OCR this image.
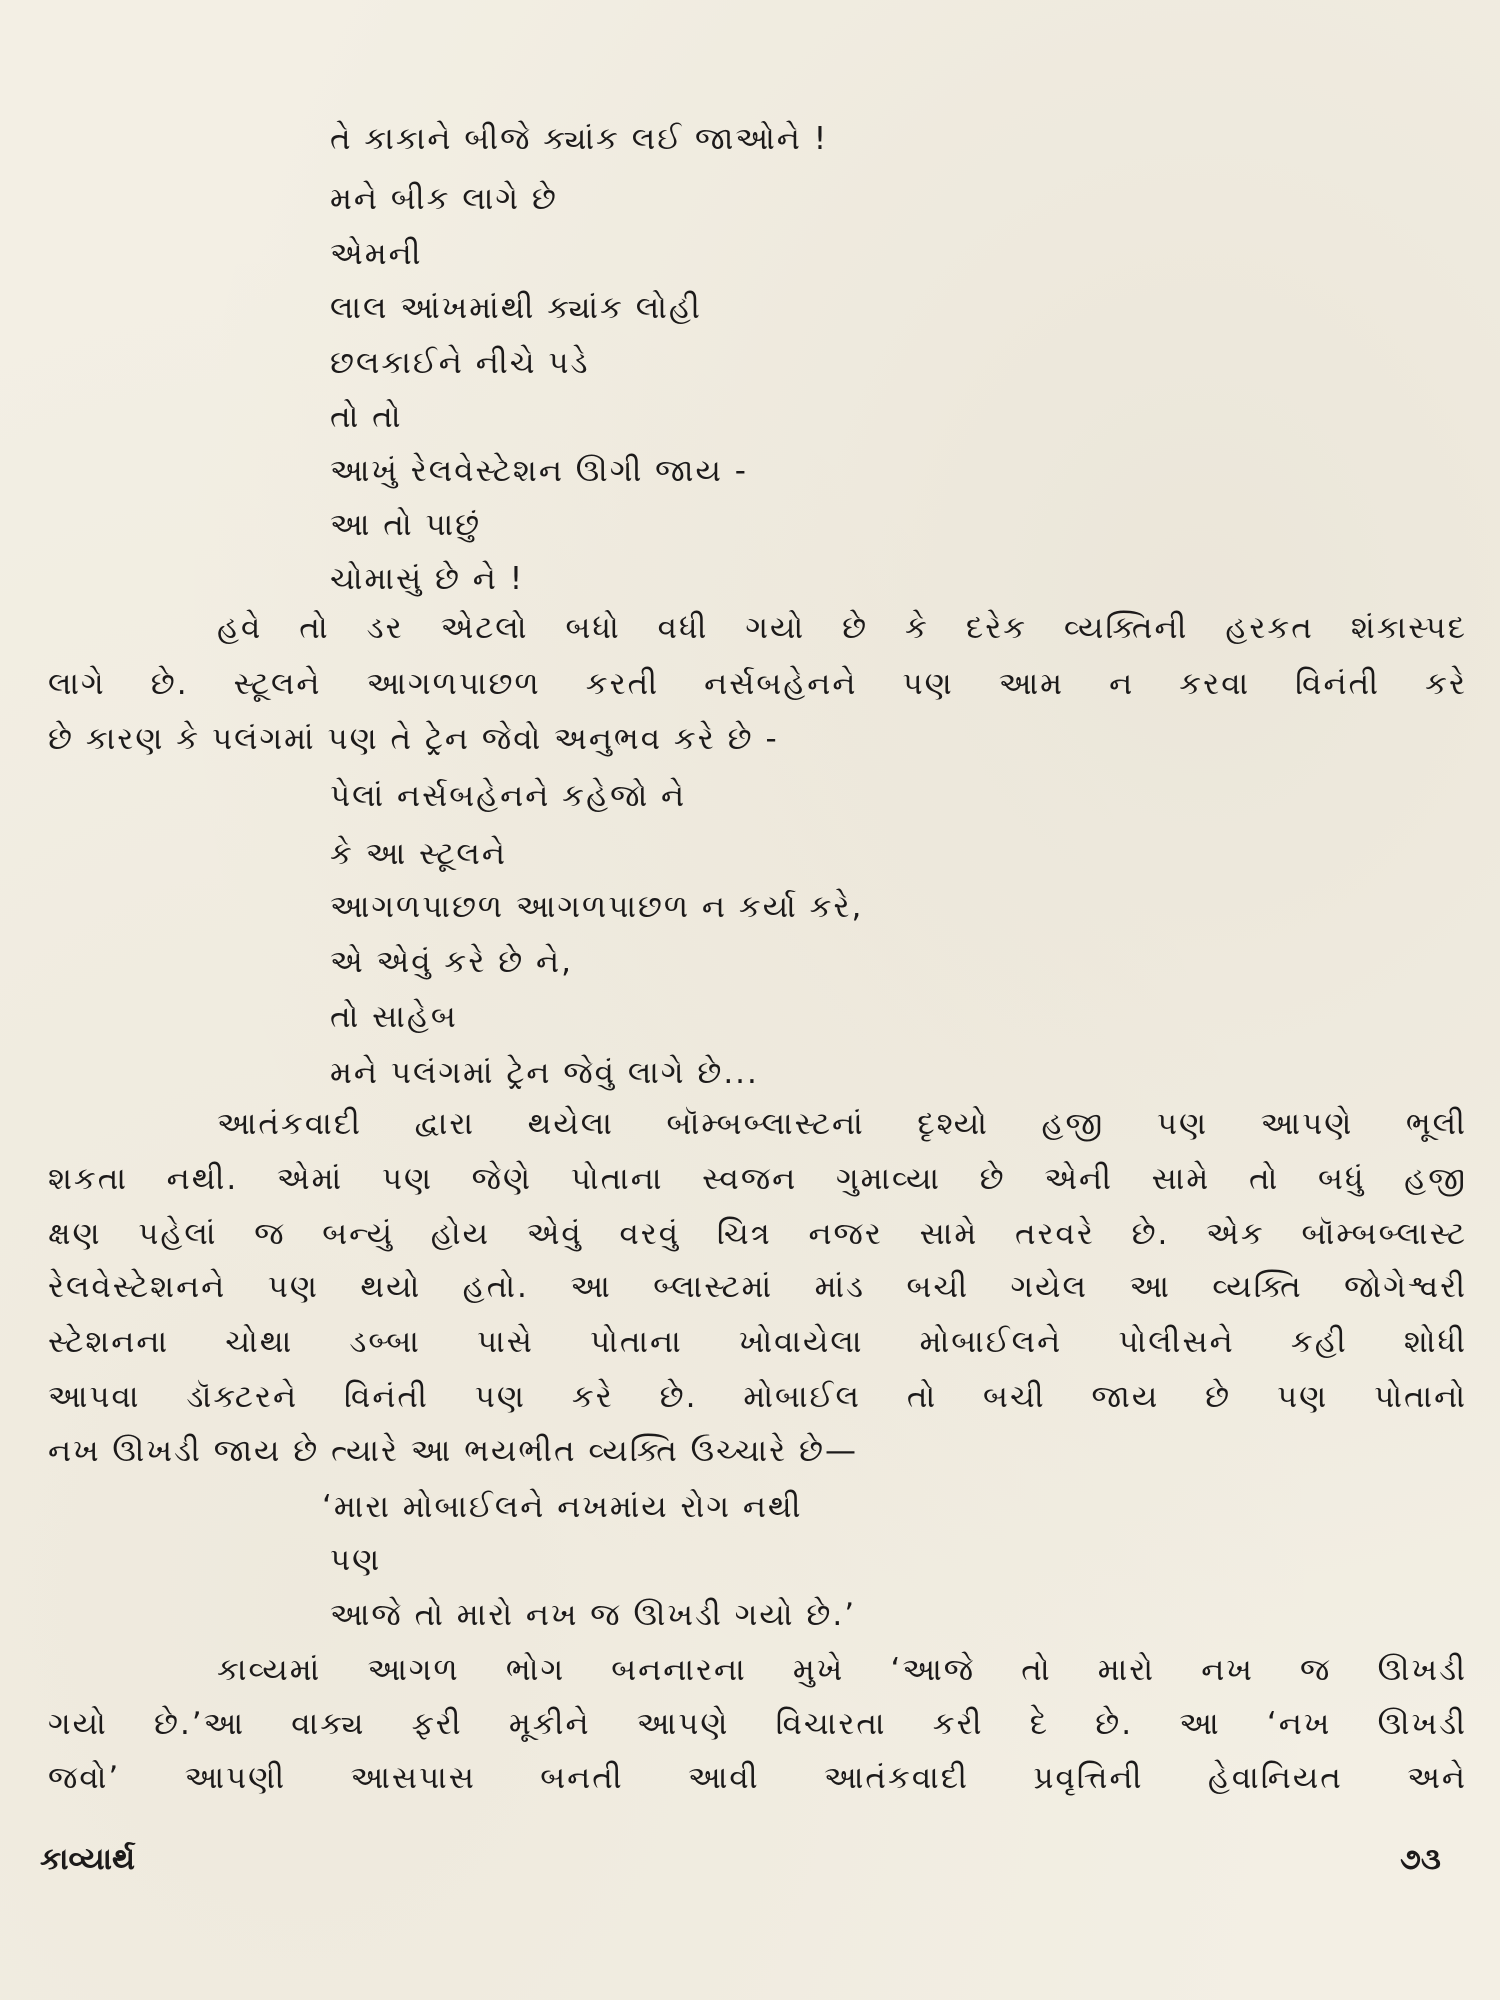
તે કાકાને બીજે ક્યાંક લઈ જાઓને !
મને બીક લાગે છે
એમની
લાલ આંખમાંથી ક્યાંક લોહી
છલકાઈને નીચે પડે
તો તો
આખું રેલવેસ્ટેશન ઊગી જાય -
આ તો પાછું
ચોમાસું છે ને !
હવે તો ડર એટલો બધો વધી ગયો છે કે દરેક વ્યક્તિની હરકત શંકાસ્પદ
લાગે છે. સ્ટૂલને આગળપાછળ કરતી નર્સબહેનને પણ આમ ન કરવા વિનંતી કરે
છે કારણ કે પલંગમાં પણ તે ટ્રેન જેવો અનુભવ કરે છે -
પેલાં નર્સબહેનને કહેજો ને
કે આ સ્ટૂલને
આગળપાછળ આગળપાછળ ન કર્યા કરે,
એ એવું કરે છે ને,
તો સાહેબ
મને પલંગમાં ટ્રેન જેવું લાગે છે...
આતંકવાદી દ્વારા થયેલા બૉમ્બબ્લાસ્ટનાં દૃશ્યો હજી પણ આપણે ભૂલી
શકતા નથી. એમાં પણ જેણે પોતાના સ્વજન ગુમાવ્યા છે એની સામે તો બધું હજી
ક્ષણ પહેલાં જ બન્યું હોય એવું વરવું ચિત્ર નજર સામે તરવરે છે. એક બૉમ્બબ્લાસ્ટ
રેલવેસ્ટેશનને પણ થયો હતો. આ બ્લાસ્ટમાં માંડ બચી ગયેલ આ વ્યક્તિ જોગેશ્વરી
સ્ટેશનના ચોથા ડબ્બા પાસે પોતાના ખોવાયેલા મોબાઈલને પોલીસને કહી શોધી
આપવા ડૉક્ટરને વિનંતી પણ કરે છે. મોબાઈલ તો બચી જાય છે પણ પોતાનો
નખ ઊખડી જાય છે ત્યારે આ ભયભીત વ્યક્તિ ઉચ્ચારે છે—
‘મારા મોબાઈલને નખમાંય રોગ નથી
પણ
આજે તો મારો નખ જ ઊખડી ગયો છે.’
કાવ્યમાં આગળ ભોગ બનનારના મુખે ‘આજે તો મારો નખ જ ઊખડી
ગયો છે.’આ વાક્ય ફરી મૂકીને આપણે વિચારતા કરી દે છે. આ ‘નખ ઊખડી
જવો’ આપણી આસપાસ બનતી આવી આતંકવાદી પ્રવૃત્તિની હેવાનિયત અને
કાવ્યાર્થ	૭૩
